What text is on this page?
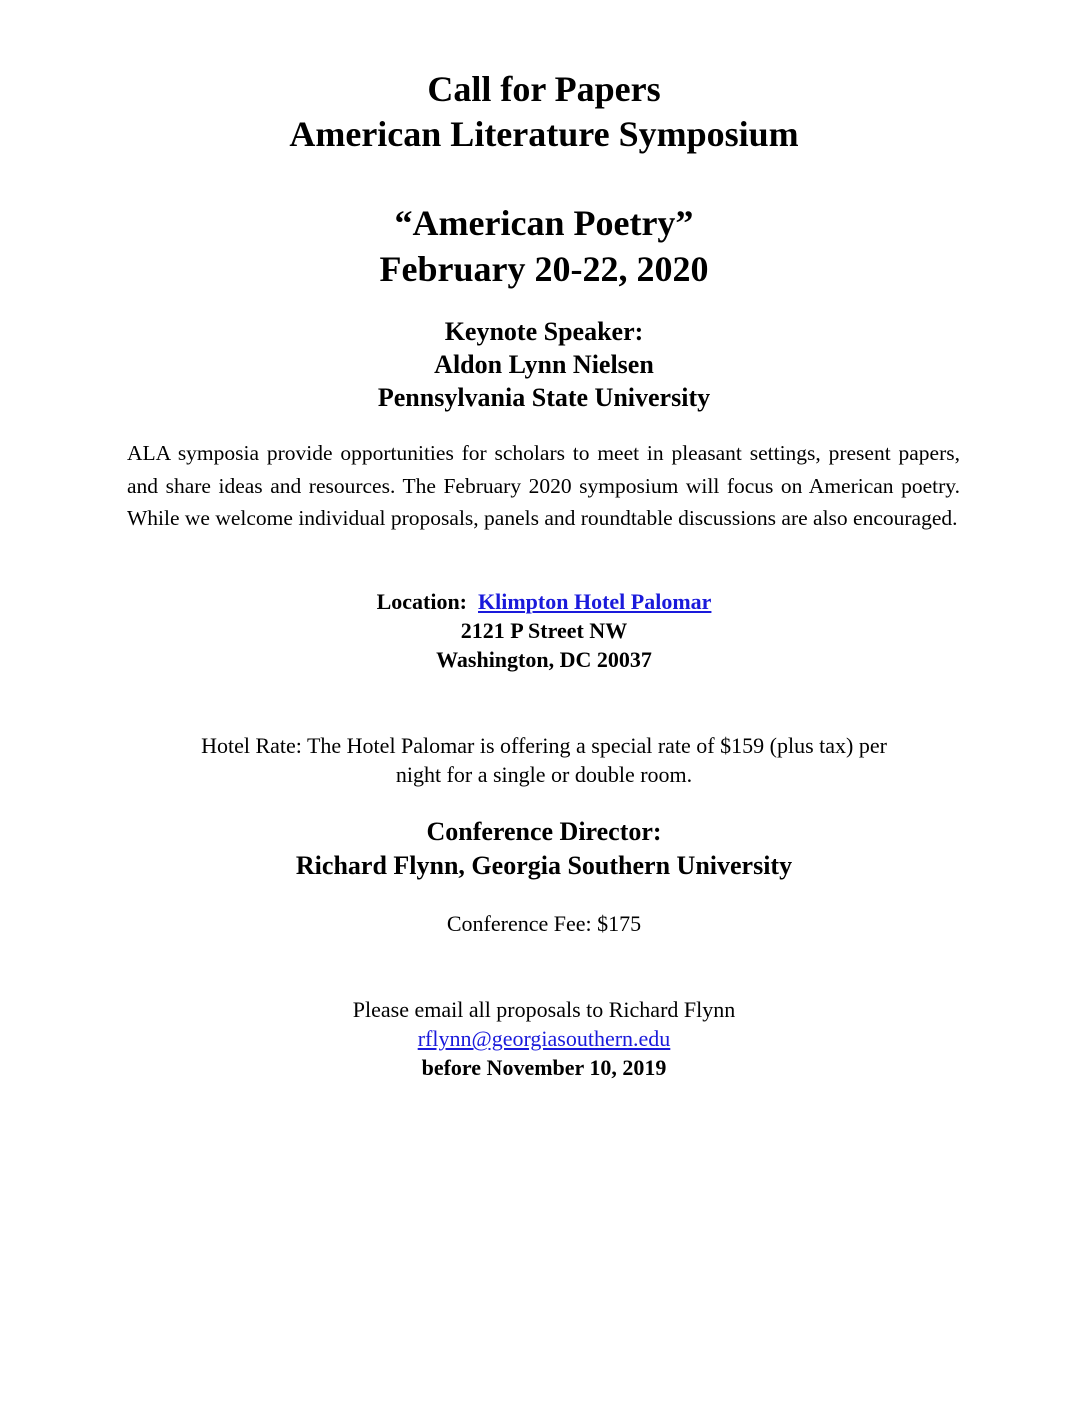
Call for Papers
American Literature Symposium
“American Poetry”
February 20-22, 2020
Keynote Speaker:
Aldon Lynn Nielsen
Pennsylvania State University
ALA symposia provide opportunities for scholars to meet in pleasant settings, present papers, and share ideas and resources. The February 2020 symposium will focus on American poetry. While we welcome individual proposals, panels and roundtable discussions are also encouraged.
Location: Klimpton Hotel Palomar
2121 P Street NW
Washington, DC 20037
Hotel Rate: The Hotel Palomar is offering a special rate of $159 (plus tax) per
night for a single or double room.
Conference Director:
Richard Flynn, Georgia Southern University
Conference Fee: $175
Please email all proposals to Richard Flynn
rflynn@georgiasouthern.edu
before November 10, 2019
